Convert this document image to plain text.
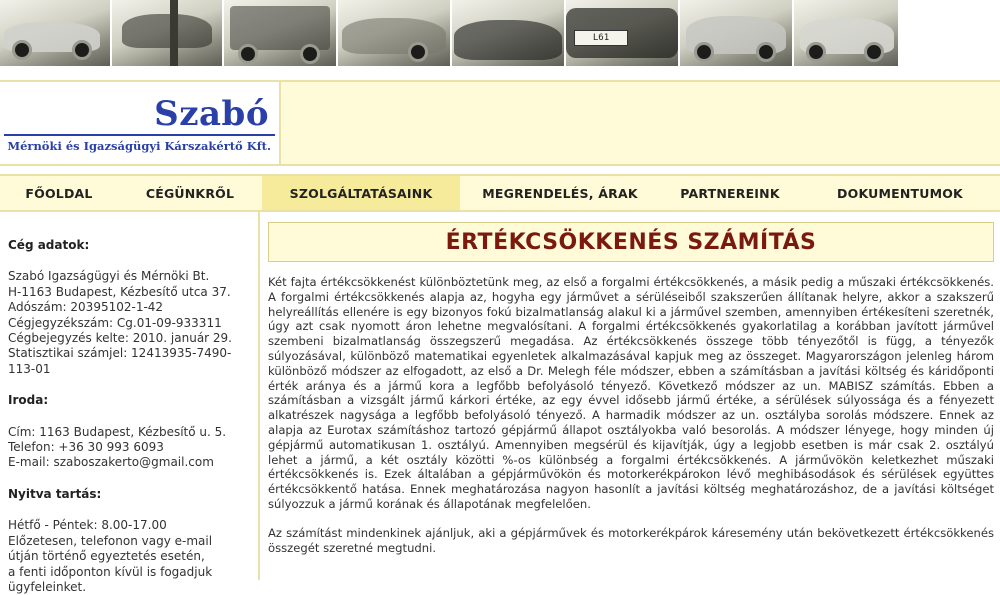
L61
Szabó
Mérnöki és Igazságügyi Kárszakértő Kft.
FŐOLDAL	CÉGÜNKRŐL	SZOLGÁLTATÁSAINK	MEGRENDELÉS, ÁRAK	PARTNEREINK	DOKUMENTUMOK
Cég adatok:
Szabó Igazságügyi és Mérnöki Bt.
H-1163 Budapest, Kézbesítő utca 37.
Adószám: 20395102-1-42
Cégjegyzékszám: Cg.01-09-933311
Cégbejegyzés kelte: 2010. január 29.
Statisztikai számjel: 12413935-7490-
113-01
Iroda:
Cím: 1163 Budapest, Kézbesítő u. 5.
Telefon: +36 30 993 6093
E-mail: szaboszakerto@gmail.com
Nyitva tartás:
Hétfő - Péntek: 8.00-17.00
Előzetesen, telefonon vagy e-mail
útján történő egyeztetés esetén,
a fenti időponton kívül is fogadjuk
ügyfeleinket.
ÉRTÉKCSÖKKENÉS SZÁMÍTÁS

Két fajta értékcsökkenést különböztetünk meg, az első a forgalmi értékcsökkenés, a másik pedig a műszaki értékcsökkenés. A forgalmi értékcsökkenés alapja az, hogyha egy járművet a sérüléseiből szakszerűen állítanak helyre, akkor a szakszerű helyreállítás ellenére is egy bizonyos fokú bizalmatlanság alakul ki a járművel szemben, amennyiben értékesíteni szeretnék, úgy azt csak nyomott áron lehetne megvalósítani. A forgalmi értékcsökkenés gyakorlatilag a korábban javított járművel szembeni bizalmatlanság összegszerű megadása. Az értékcsökkenés összege több tényezőtől is függ, a tényezők súlyozásával, különböző matematikai egyenletek alkalmazásával kapjuk meg az összeget. Magyarországon jelenleg három különböző módszer az elfogadott, az első a Dr. Melegh féle módszer, ebben a számításban a javítási költség és káridőponti érték aránya és a jármű kora a legfőbb befolyásoló tényező. Következő módszer az un. MABISZ számítás. Ebben a számításban a vizsgált jármű kárkori értéke, az egy évvel idősebb jármű értéke, a sérülések súlyossága és a fényezett alkatrészek nagysága a legfőbb befolyásoló tényező. A harmadik módszer az un. osztályba sorolás módszere. Ennek az alapja az Eurotax számításhoz tartozó gépjármű állapot osztályokba való besorolás. A módszer lényege, hogy minden új gépjármű automatikusan 1. osztályú. Amennyiben megsérül és kijavítják, úgy a legjobb esetben is már csak 2. osztályú lehet a jármű, a két osztály közötti %-os különbség a forgalmi értékcsökkenés. A járművökön keletkezhet műszaki értékcsökkenés is. Ezek általában a gépjárművökön és motorkerékpárokon lévő meghibásodások és sérülések együttes értékcsökkentő hatása. Ennek meghatározása nagyon hasonlít a javítási költség meghatározáshoz, de a javítási költséget súlyozzuk a jármű korának és állapotának megfelelően.

Az számítást mindenkinek ajánljuk, aki a gépjárművek és motorkerékpárok káresemény után bekövetkezett értékcsökkenés összegét szeretné megtudni.
